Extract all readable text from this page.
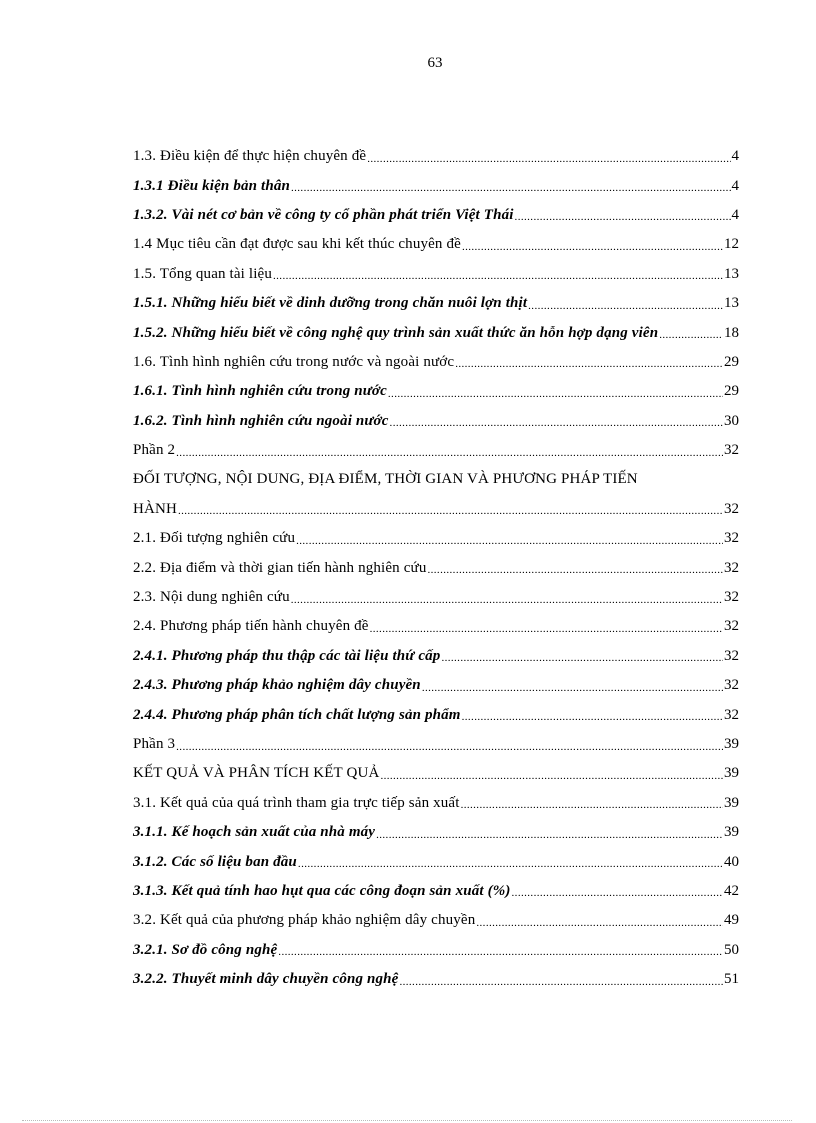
63
1.3. Điều kiện để thực hiện chuyên đề .....	4
1.3.1 Điều kiện bản thân .....	4
1.3.2. Vài nét cơ bản về công ty cổ phần phát triển Việt Thái .....	4
1.4 Mục tiêu cần đạt được sau khi kết thúc chuyên đề .....	12
1.5. Tổng quan tài liệu .....	13
1.5.1. Những hiểu biết về dinh dưỡng trong chăn nuôi lợn thịt .....	13
1.5.2. Những hiểu biết về công nghệ quy trình sản xuất thức ăn hỗn hợp dạng viên .....	18
1.6. Tình hình nghiên cứu trong nước và ngoài nước .....	29
1.6.1. Tình hình nghiên cứu trong nước .....	29
1.6.2. Tình hình nghiên cứu ngoài nước .....	30
Phần 2 .....	32
ĐỐI TƯỢNG, NỘI DUNG, ĐỊA ĐIỂM, THỜI GIAN VÀ PHƯƠNG PHÁP TIẾN
HÀNH .....	32
2.1. Đối tượng nghiên cứu .....	32
2.2. Địa điểm và thời gian tiến hành nghiên cứu .....	32
2.3. Nội dung nghiên cứu .....	32
2.4. Phương pháp tiến hành chuyên đề .....	32
2.4.1. Phương pháp thu thập các tài liệu thứ cấp .....	32
2.4.3. Phương pháp khảo nghiệm dây chuyền .....	32
2.4.4. Phương pháp phân tích chất lượng sản phẩm .....	32
Phần 3 .....	39
KẾT QUẢ VÀ PHÂN TÍCH KẾT QUẢ .....	39
3.1. Kết quả của quá trình tham gia trực tiếp sản xuất .....	39
3.1.1. Kế hoạch sản xuất của nhà máy .....	39
3.1.2. Các số liệu ban đầu .....	40
3.1.3. Kết quả tính hao hụt qua các công đoạn sản xuất (%) .....	42
3.2. Kết quả của phương pháp khảo nghiệm dây chuyền .....	49
3.2.1. Sơ đồ công nghệ .....	50
3.2.2. Thuyết minh dây chuyền công nghệ .....	51
